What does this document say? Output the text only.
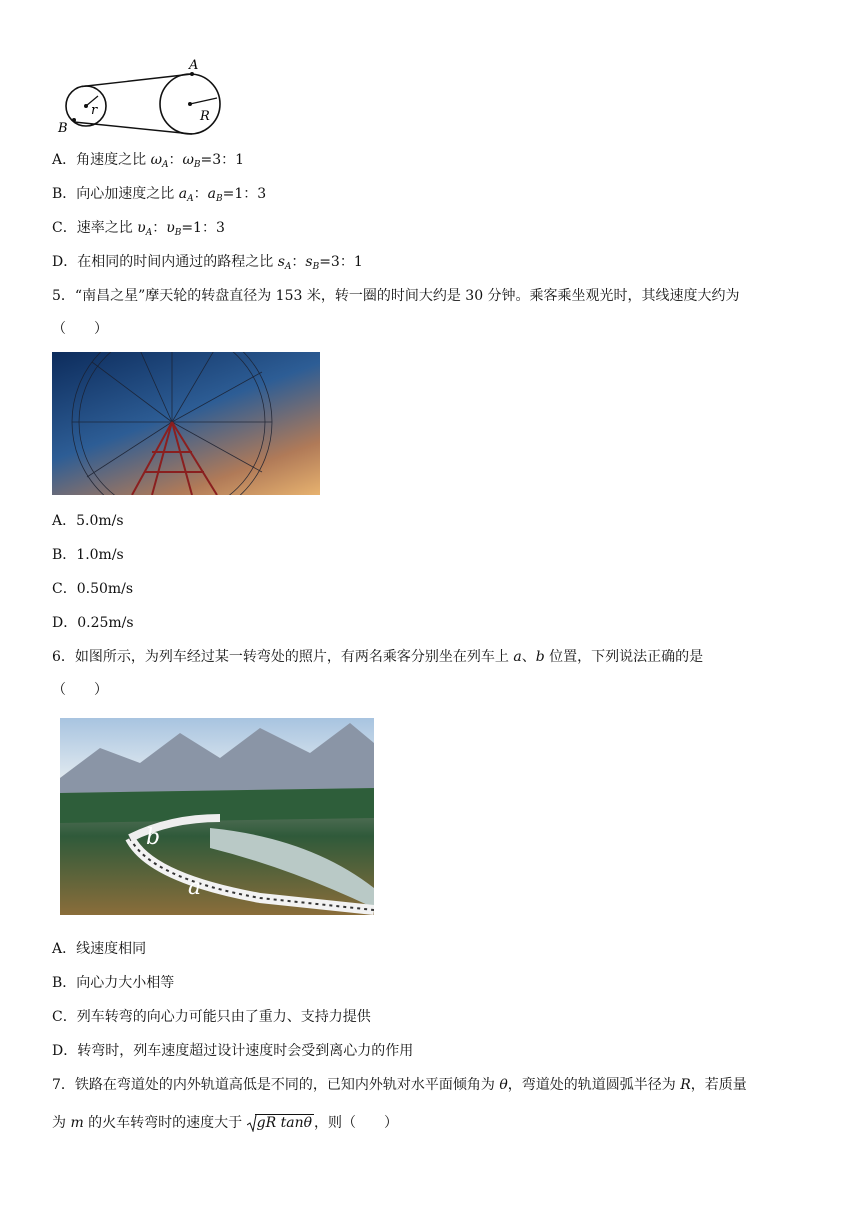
A
B
r	R
A．角速度之比 $\omega_A$：$\omega_B=3$：1
B．向心加速度之比 $a_A$：$a_B=1$：3
C．速率之比 $\upsilon_A$：$\upsilon_B=1$：3
D．在相同的时间内通过的路程之比 $s_A$：$s_B=3$：1
5．“南昌之星”摩天轮的转盘直径为 153 米，转一圈的时间大约是 30 分钟。乘客乘坐观光时，其线速度大约为
（　　）
A．5.0m/s
B．1.0m/s
C．0.50m/s
D．0.25m/s
6．如图所示，为列车经过某一转弯处的照片，有两名乘客分别坐在列车上 a、b 位置，下列说法正确的是
（　　）
b
a
A．线速度相同
B．向心力大小相等
C．列车转弯的向心力可能只由了重力、支持力提供
D．转弯时，列车速度超过设计速度时会受到离心力的作用
7．铁路在弯道处的内外轨道高低是不同的，已知内外轨对水平面倾角为 θ，弯道处的轨道圆弧半径为 R，若质量
为 m 的火车转弯时的速度大于
gR tanθ ，则（　　）
